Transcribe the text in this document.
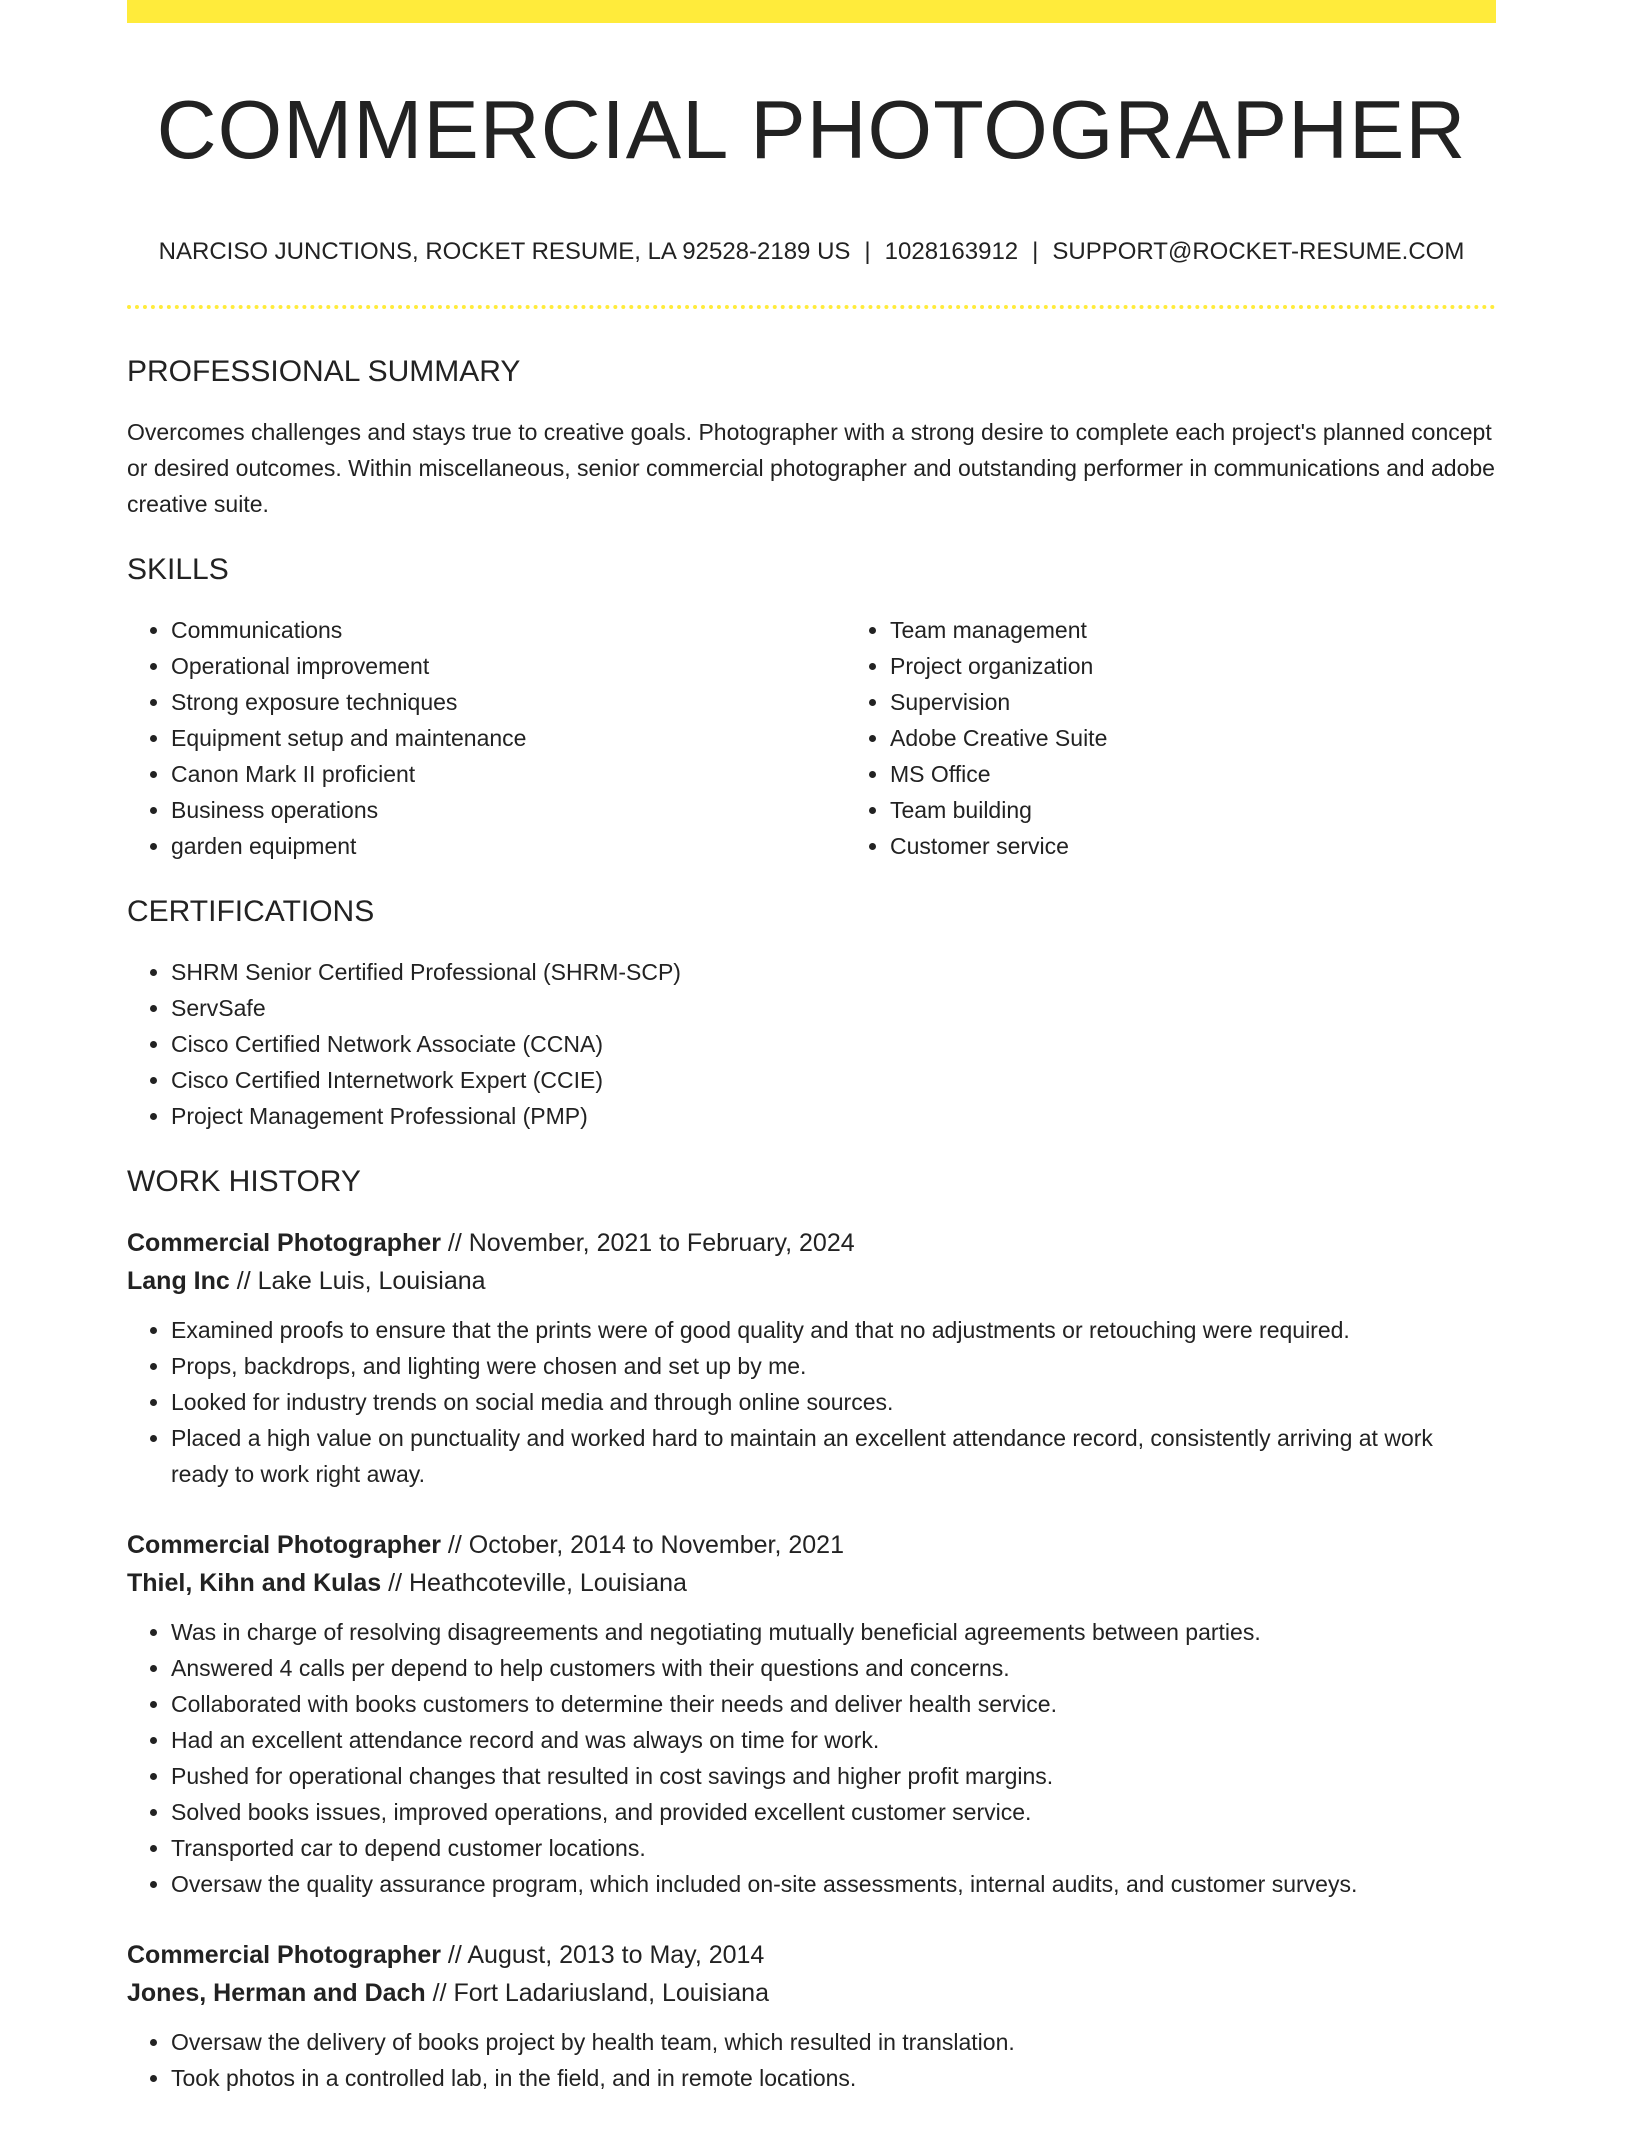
COMMERCIAL PHOTOGRAPHER
NARCISO JUNCTIONS, ROCKET RESUME, LA 92528-2189 US | 1028163912 | SUPPORT@ROCKET-RESUME.COM
PROFESSIONAL SUMMARY

Overcomes challenges and stays true to creative goals. Photographer with a strong desire to complete each project's planned concept or desired outcomes. Within miscellaneous, senior commercial photographer and outstanding performer in communications and adobe creative suite.

SKILLS
• Communications
• Operational improvement
• Strong exposure techniques
• Equipment setup and maintenance
• Canon Mark II proficient
• Business operations
• garden equipment
• Team management
• Project organization
• Supervision
• Adobe Creative Suite
• MS Office
• Team building
• Customer service
CERTIFICATIONS
• SHRM Senior Certified Professional (SHRM-SCP)
• ServSafe
• Cisco Certified Network Associate (CCNA)
• Cisco Certified Internetwork Expert (CCIE)
• Project Management Professional (PMP)
WORK HISTORY
Commercial Photographer // November, 2021 to February, 2024
Lang Inc // Lake Luis, Louisiana
• Examined proofs to ensure that the prints were of good quality and that no adjustments or retouching were required.
• Props, backdrops, and lighting were chosen and set up by me.
• Looked for industry trends on social media and through online sources.
• Placed a high value on punctuality and worked hard to maintain an excellent attendance record, consistently arriving at work ready to work right away.
Commercial Photographer // October, 2014 to November, 2021
Thiel, Kihn and Kulas // Heathcoteville, Louisiana
• Was in charge of resolving disagreements and negotiating mutually beneficial agreements between parties.
• Answered 4 calls per depend to help customers with their questions and concerns.
• Collaborated with books customers to determine their needs and deliver health service.
• Had an excellent attendance record and was always on time for work.
• Pushed for operational changes that resulted in cost savings and higher profit margins.
• Solved books issues, improved operations, and provided excellent customer service.
• Transported car to depend customer locations.
• Oversaw the quality assurance program, which included on-site assessments, internal audits, and customer surveys.
Commercial Photographer // August, 2013 to May, 2014
Jones, Herman and Dach // Fort Ladariusland, Louisiana
• Oversaw the delivery of books project by health team, which resulted in translation.
• Took photos in a controlled lab, in the field, and in remote locations.
